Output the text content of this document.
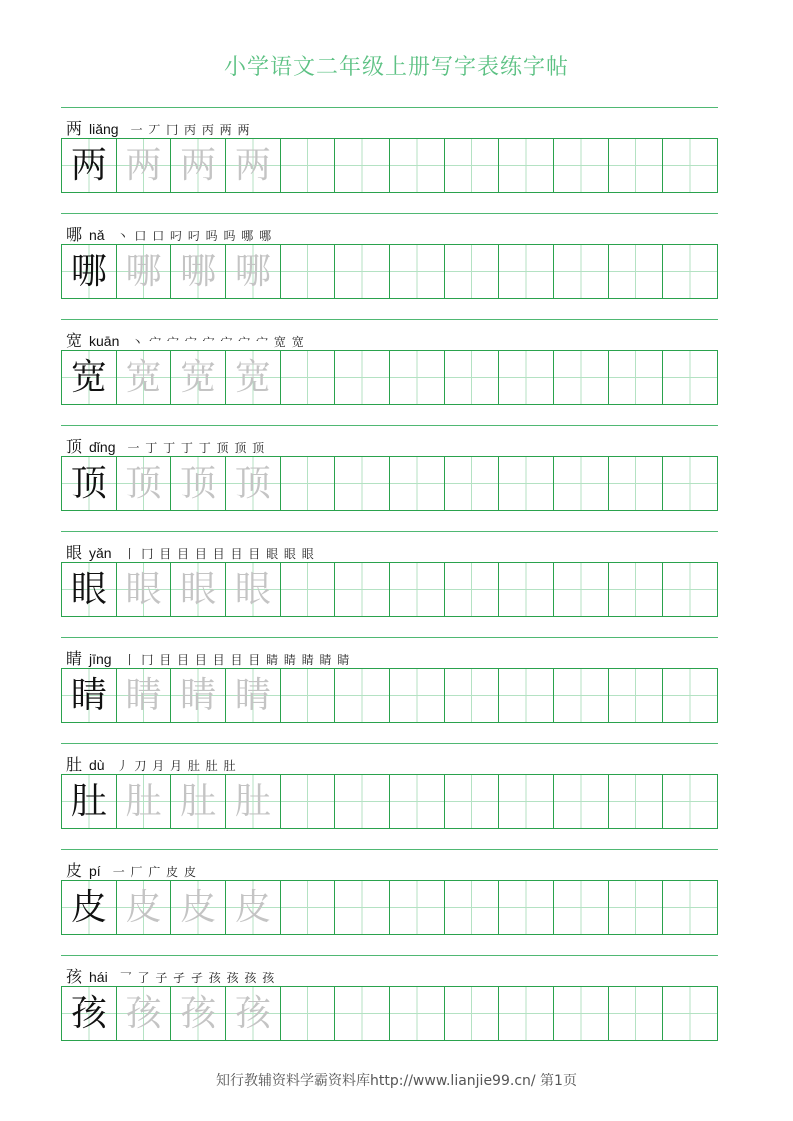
小学语文二年级上册写字表练字帖
两 liǎng 一 丆 冂 丙 丙 两 两
两 两 两 两
哪 nǎ 丶 口 口 叼 叼 吗 吗 哪 哪
哪 哪 哪 哪
宽 kuān 丶 宀 宀 宀 宀 宀 宀 宀 宽 宽
宽 宽 宽 宽
顶 dǐng 一 丁 丁 丁 丁 顶 顶 顶
顶 顶 顶 顶
眼 yǎn 丨 冂 目 目 目 目 目 目 眼 眼 眼
眼 眼 眼 眼
睛 jīng 丨 冂 目 目 目 目 目 目 睛 睛 睛 睛 睛
睛 睛 睛 睛
肚 dù 丿 刀 月 月 肚 肚 肚
肚 肚 肚 肚
皮 pí 一 厂 广 皮 皮
皮 皮 皮 皮
孩 hái 乛 了 子 孑 孑 孩 孩 孩 孩
孩 孩 孩 孩
知行教辅资料学霸资料库http://www.lianjie99.cn/ 第1页
